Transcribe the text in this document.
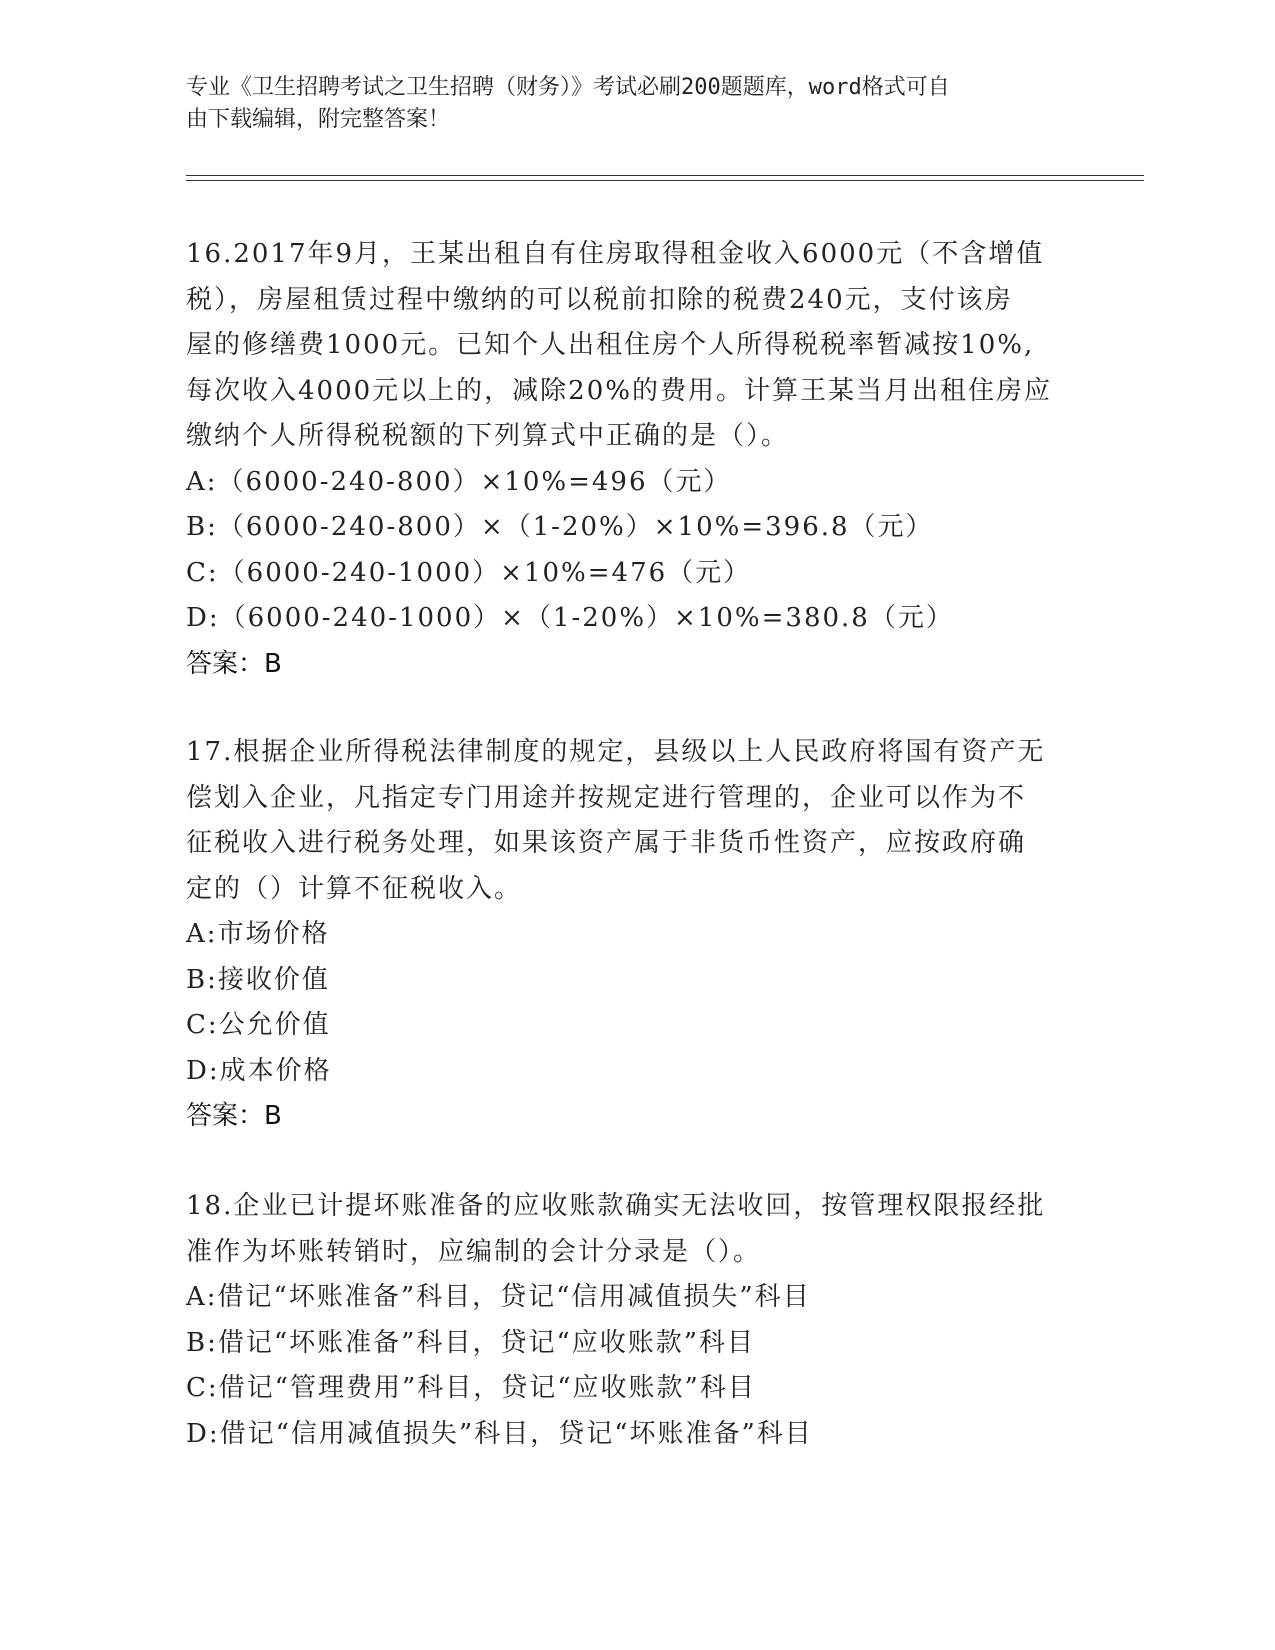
专业《卫生招聘考试之卫生招聘（财务）》考试必刷200题题库，word格式可自
由下载编辑，附完整答案！

16.2017年9月，王某出租自有住房取得租金收入6000元（不含增值

税），房屋租赁过程中缴纳的可以税前扣除的税费240元，支付该房

屋的修缮费1000元。已知个人出租住房个人所得税税率暂减按10%,

每次收入4000元以上的，减除20%的费用。计算王某当月出租住房应

缴纳个人所得税税额的下列算式中正确的是（）。

A:（6000-240-800）×10%=496（元）

B:（6000-240-800）×（1-20%）×10%=396.8（元）

C:（6000-240-1000）×10%=476（元）

D:（6000-240-1000）×（1-20%）×10%=380.8（元）

答案：B

17.根据企业所得税法律制度的规定，县级以上人民政府将国有资产无

偿划入企业，凡指定专门用途并按规定进行管理的，企业可以作为不

征税收入进行税务处理，如果该资产属于非货币性资产，应按政府确

定的（）计算不征税收入。

A:市场价格

B:接收价值

C:公允价值

D:成本价格

答案：B

18.企业已计提坏账准备的应收账款确实无法收回，按管理权限报经批

准作为坏账转销时，应编制的会计分录是（）。

A:借记“坏账准备”科目，贷记“信用减值损失”科目

B:借记“坏账准备”科目，贷记“应收账款”科目

C:借记“管理费用”科目，贷记“应收账款”科目

D:借记“信用减值损失”科目，贷记“坏账准备”科目
